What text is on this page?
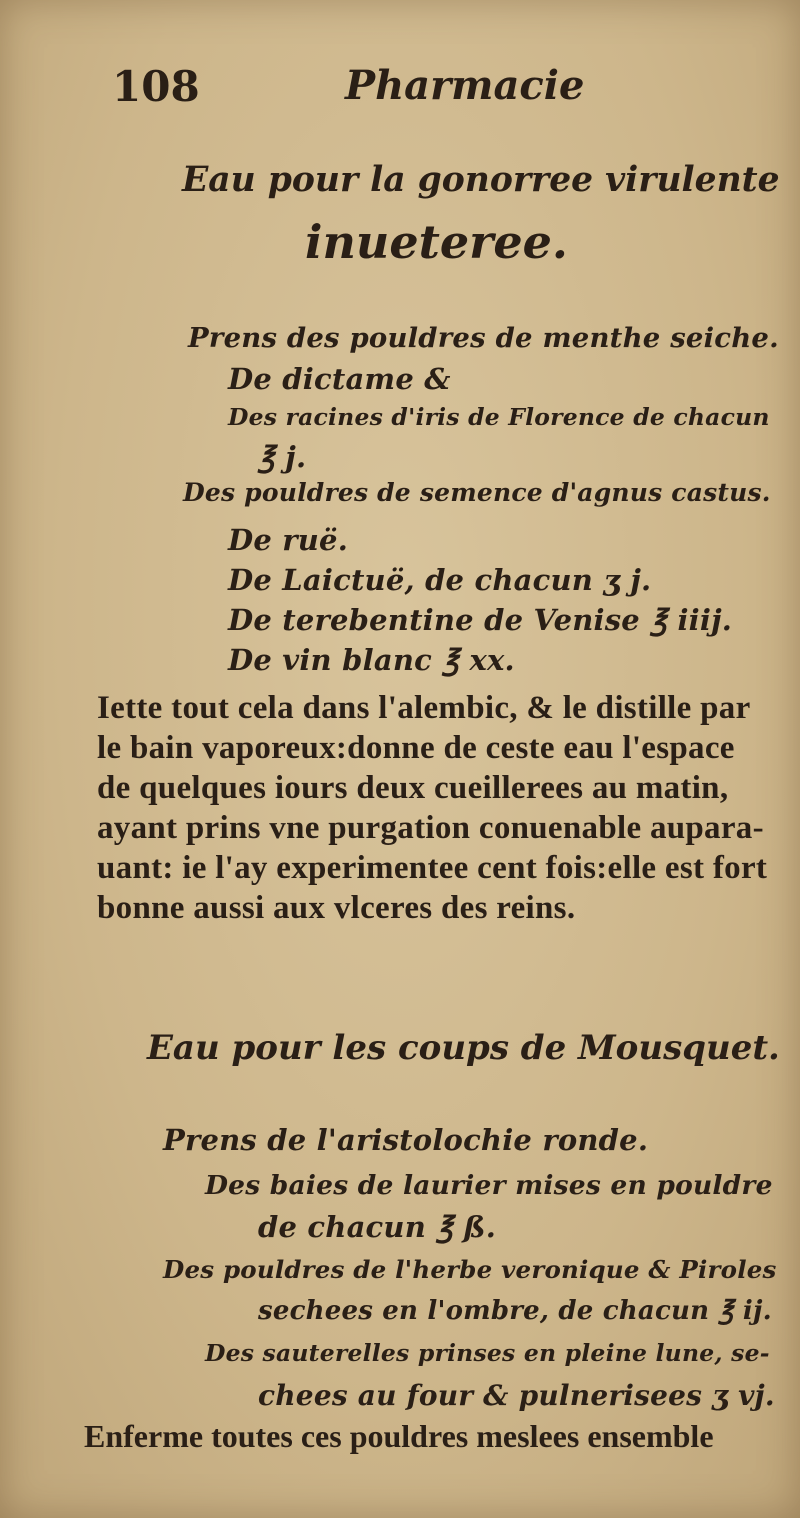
108	Pharmacie
Eau pour la gonorree virulente
inueteree.
Prens des pouldres de menthe seiche.
De dictame &
Des racines d'iris de Florence de chacun
℥ j.
Des pouldres de semence d'agnus castus.
De ruë.
De Laictuë, de chacun ʒ j.
De terebentine de Venise ℥ iiij.
De vin blanc ℥ xx.
Iette tout cela dans l'alembic, & le distille par
le bain vaporeux:donne de ceste eau l'espace
de quelques iours deux cueillerees au matin,
ayant prins vne purgation conuenable aupara-
uant: ie l'ay experimentee cent fois:elle est fort
bonne aussi aux vlceres des reins.
Eau pour les coups de Mousquet.
Prens de l'aristolochie ronde.
Des baies de laurier mises en pouldre
de chacun ℥ ß.
Des pouldres de l'herbe veronique & Piroles
sechees en l'ombre, de chacun ℥ ij.
Des sauterelles prinses en pleine lune, se-
chees au four & pulnerisees ʒ vj.
Enferme toutes ces pouldres meslees ensemble
